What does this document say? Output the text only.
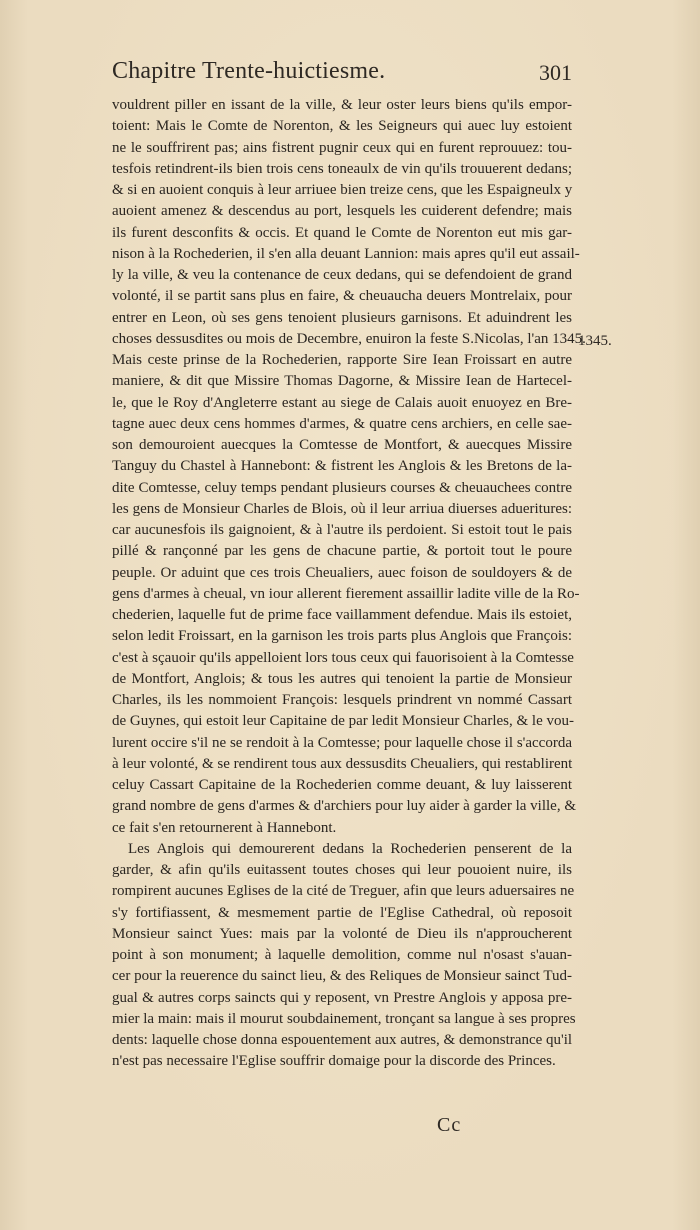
Chapitre Trente-huictiesme.	301
1345.
vouldrent piller en issant de la ville, & leur oster leurs biens qu'ils empor-
toient: Mais le Comte de Norenton, & les Seigneurs qui auec luy estoient
ne le souffrirent pas; ains fistrent pugnir ceux qui en furent reprouuez: tou-
tesfois retindrent-ils bien trois cens toneaulx de vin qu'ils trouuerent dedans;
& si en auoient conquis à leur arriuee bien treize cens, que les Espaigneulx y
auoient amenez & descendus au port, lesquels les cuiderent defendre; mais
ils furent desconfits & occis. Et quand le Comte de Norenton eut mis gar-
nison à la Rochederien, il s'en alla deuant Lannion: mais apres qu'il eut assail-
ly la ville, & veu la contenance de ceux dedans, qui se defendoient de grand
volonté, il se partit sans plus en faire, & cheuaucha deuers Montrelaix, pour
entrer en Leon, où ses gens tenoient plusieurs garnisons. Et aduindrent les
choses dessusdites ou mois de Decembre, enuiron la feste S.Nicolas, l'an 1345.
Mais ceste prinse de la Rochederien, rapporte Sire Iean Froissart en autre
maniere, & dit que Missire Thomas Dagorne, & Missire Iean de Hartecel-
le, que le Roy d'Angleterre estant au siege de Calais auoit enuoyez en Bre-
tagne auec deux cens hommes d'armes, & quatre cens archiers, en celle sae-
son demouroient auecques la Comtesse de Montfort, & auecques Missire
Tanguy du Chastel à Hannebont: & fistrent les Anglois & les Bretons de la-
dite Comtesse, celuy temps pendant plusieurs courses & cheuauchees contre
les gens de Monsieur Charles de Blois, où il leur arriua diuerses adueritures:
car aucunesfois ils gaignoient, & à l'autre ils perdoient. Si estoit tout le pais
pillé & rançonné par les gens de chacune partie, & portoit tout le poure
peuple. Or aduint que ces trois Cheualiers, auec foison de souldoyers & de
gens d'armes à cheual, vn iour allerent fierement assaillir ladite ville de la Ro-
chederien, laquelle fut de prime face vaillamment defendue. Mais ils estoiet,
selon ledit Froissart, en la garnison les trois parts plus Anglois que François:
c'est à sçauoir qu'ils appelloient lors tous ceux qui fauorisoient à la Comtesse
de Montfort, Anglois; & tous les autres qui tenoient la partie de Monsieur
Charles, ils les nommoient François: lesquels prindrent vn nommé Cassart
de Guynes, qui estoit leur Capitaine de par ledit Monsieur Charles, & le vou-
lurent occire s'il ne se rendoit à la Comtesse; pour laquelle chose il s'accorda
à leur volonté, & se rendirent tous aux dessusdits Cheualiers, qui restablirent
celuy Cassart Capitaine de la Rochederien comme deuant, & luy laisserent
grand nombre de gens d'armes & d'archiers pour luy aider à garder la ville, &
ce fait s'en retournerent à Hannebont.
Les Anglois qui demourerent dedans la Rochederien penserent de la
garder, & afin qu'ils euitassent toutes choses qui leur pouoient nuire, ils
rompirent aucunes Eglises de la cité de Treguer, afin que leurs aduersaires ne
s'y fortifiassent, & mesmement partie de l'Eglise Cathedral, où reposoit
Monsieur sainct Yues: mais par la volonté de Dieu ils n'approucherent
point à son monument; à laquelle demolition, comme nul n'osast s'auan-
cer pour la reuerence du sainct lieu, & des Reliques de Monsieur sainct Tud-
gual & autres corps saincts qui y reposent, vn Prestre Anglois y apposa pre-
mier la main: mais il mourut soubdainement, tronçant sa langue à ses propres
dents: laquelle chose donna espouentement aux autres, & demonstrance qu'il
n'est pas necessaire l'Eglise souffrir domaige pour la discorde des Princes.
Cc
